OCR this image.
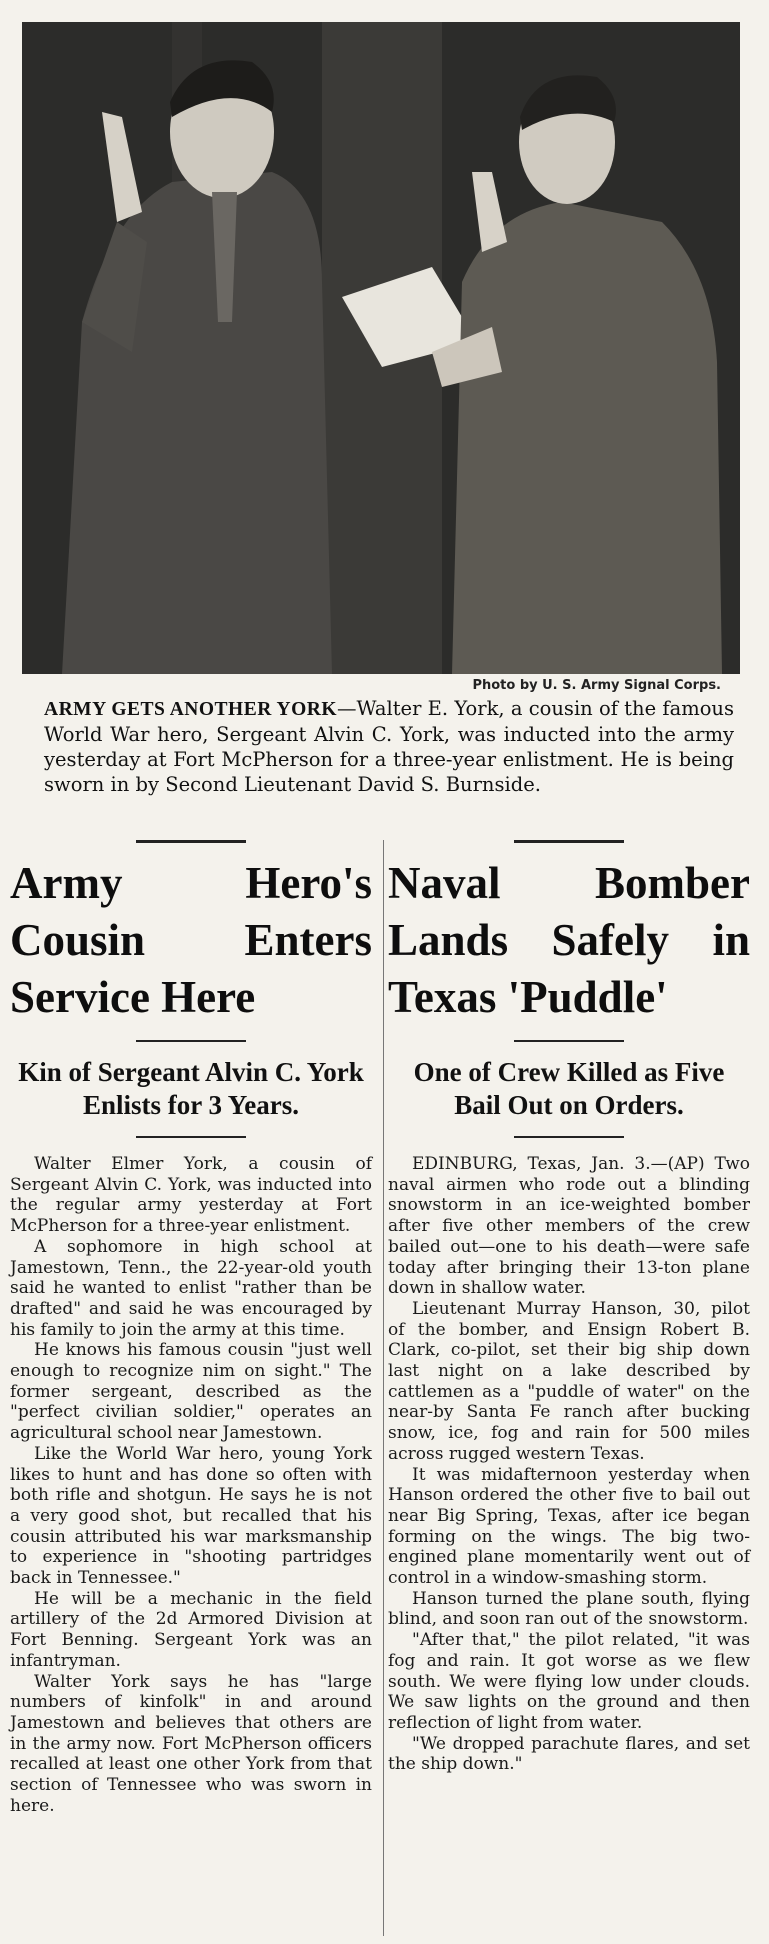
Photo by U. S. Army Signal Corps.
ARMY GETS ANOTHER YORK—Walter E. York, a cousin of the famous World War hero, Sergeant Alvin C. York, was inducted into the army yesterday at Fort McPherson for a three-year enlistment. He is being sworn in by Second Lieutenant David S. Burnside.
Army Hero's Cousin Enters Service Here
Kin of Sergeant Alvin C. York Enlists for 3 Years.

Walter Elmer York, a cousin of Sergeant Alvin C. York, was inducted into the regular army yesterday at Fort McPherson for a three-year enlistment.

A sophomore in high school at Jamestown, Tenn., the 22-year-old youth said he wanted to enlist "rather than be drafted" and said he was encouraged by his family to join the army at this time.

He knows his famous cousin "just well enough to recognize nim on sight." The former sergeant, described as the "perfect civilian soldier," operates an agricultural school near Jamestown.

Like the World War hero, young York likes to hunt and has done so often with both rifle and shotgun. He says he is not a very good shot, but recalled that his cousin attributed his war marksmanship to experience in "shooting partridges back in Tennessee."

He will be a mechanic in the field artillery of the 2d Armored Division at Fort Benning. Sergeant York was an infantryman.

Walter York says he has "large numbers of kinfolk" in and around Jamestown and believes that others are in the army now. Fort McPherson officers recalled at least one other York from that section of Tennessee who was sworn in here.

Naval Bomber Lands Safely in Texas 'Puddle'
One of Crew Killed as Five Bail Out on Orders.

EDINBURG, Texas, Jan. 3.—(AP) Two naval airmen who rode out a blinding snowstorm in an ice-weighted bomber after five other members of the crew bailed out—one to his death—were safe today after bringing their 13-ton plane down in shallow water.

Lieutenant Murray Hanson, 30, pilot of the bomber, and Ensign Robert B. Clark, co-pilot, set their big ship down last night on a lake described by cattlemen as a "puddle of water" on the near-by Santa Fe ranch after bucking snow, ice, fog and rain for 500 miles across rugged western Texas.

It was midafternoon yesterday when Hanson ordered the other five to bail out near Big Spring, Texas, after ice began forming on the wings. The big two-engined plane momentarily went out of control in a window-smashing storm.

Hanson turned the plane south, flying blind, and soon ran out of the snowstorm.

"After that," the pilot related, "it was fog and rain. It got worse as we flew south. We were flying low under clouds. We saw lights on the ground and then reflection of light from water.

"We dropped parachute flares, and set the ship down."
